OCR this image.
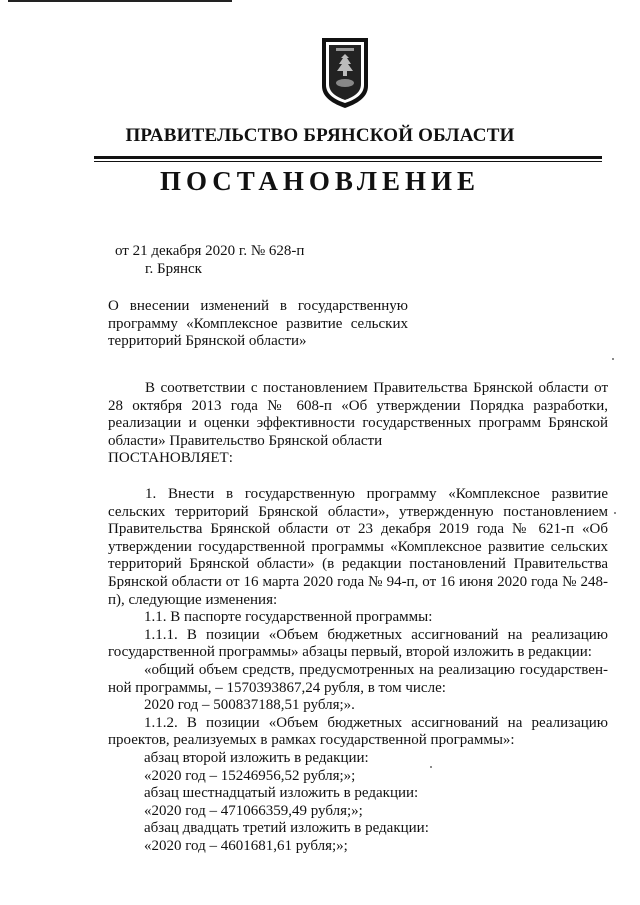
ПРАВИТЕЛЬСТВО БРЯНСКОЙ ОБЛАСТИ
ПОСТАНОВЛЕНИЕ
от 21 декабря 2020 г. № 628-п
г. Брянск
О внесении изменений в государственную
программу «Комплексное развитие сельских
территорий Брянской области»

В соответствии с постановлением Правительства Брянской области от 28 октября 2013 года № 608-п «Об утверждении Порядка разработки, реализации и оценки эффективности государственных программ Брянской области» Правительство Брянской области

ПОСТАНОВЛЯЕТ:

1. Внести в государственную программу «Комплексное развитие сельских территорий Брянской области», утвержденную постановлением Правительства Брянской области от 23 декабря 2019 года № 621-п «Об утверждении государственной программы «Комплексное развитие сельских территорий Брянской области» (в редакции постановлений Правительства Брянской области от 16 марта 2020 года № 94-п, от 16 июня 2020 года № 248-п), следующие изменения:

1.1. В паспорте государственной программы:

1.1.1. В позиции «Объем бюджетных ассигнований на реализацию государственной программы» абзацы первый, второй изложить в редакции:

«общий объем средств, предусмотренных на реализацию государствен-ной программы, – 1570393867,24 рубля, в том числе:

2020 год – 500837188,51 рубля;».

1.1.2. В позиции «Объем бюджетных ассигнований на реализацию проектов, реализуемых в рамках государственной программы»:

абзац второй изложить в редакции:

«2020 год – 15246956,52 рубля;»;

абзац шестнадцатый изложить в редакции:

«2020 год – 471066359,49 рубля;»;

абзац двадцать третий изложить в редакции:

«2020 год – 4601681,61 рубля;»;
